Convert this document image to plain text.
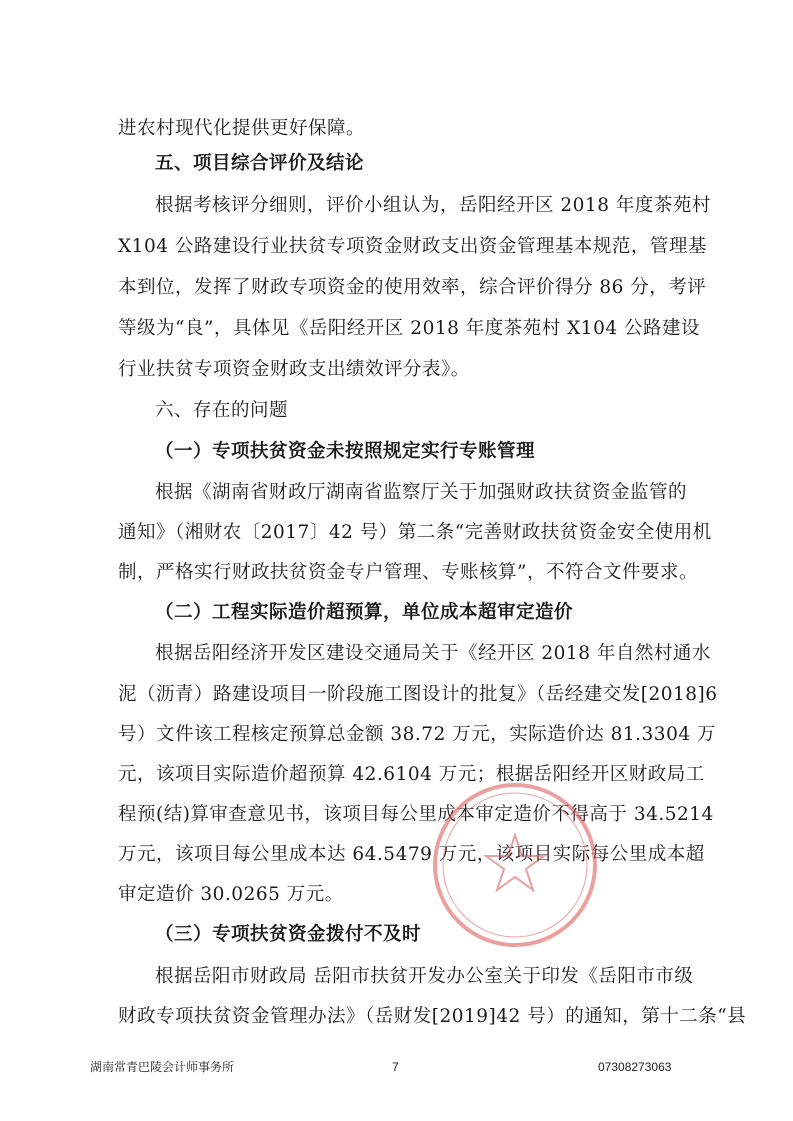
进农村现代化提供更好保障。
五、项目综合评价及结论
根据考核评分细则，评价小组认为，岳阳经开区 2018 年度茶苑村
X104 公路建设行业扶贫专项资金财政支出资金管理基本规范，管理基
本到位，发挥了财政专项资金的使用效率，综合评价得分 86 分，考评
等级为“良”，具体见《岳阳经开区 2018 年度茶苑村 X104 公路建设
行业扶贫专项资金财政支出绩效评分表》。
六、存在的问题
（一）专项扶贫资金未按照规定实行专账管理
根据《湖南省财政厅湖南省监察厅关于加强财政扶贫资金监管的
通知》（湘财农〔2017〕42 号）第二条“完善财政扶贫资金安全使用机
制，严格实行财政扶贫资金专户管理、专账核算”，不符合文件要求。
（二）工程实际造价超预算，单位成本超审定造价
根据岳阳经济开发区建设交通局关于《经开区 2018 年自然村通水
泥（沥青）路建设项目一阶段施工图设计的批复》（岳经建交发[2018]6
号）文件该工程核定预算总金额 38.72 万元，实际造价达 81.3304 万
元，该项目实际造价超预算 42.6104 万元；根据岳阳经开区财政局工
程预(结)算审查意见书，该项目每公里成本审定造价不得高于 34.5214
万元，该项目每公里成本达 64.5479 万元，该项目实际每公里成本超
审定造价 30.0265 万元。
（三）专项扶贫资金拨付不及时
根据岳阳市财政局 岳阳市扶贫开发办公室关于印发《岳阳市市级
财政专项扶贫资金管理办法》（岳财发[2019]42 号）的通知，第十二条“县
湖南常青巴陵会计师事务所	7	07308273063
